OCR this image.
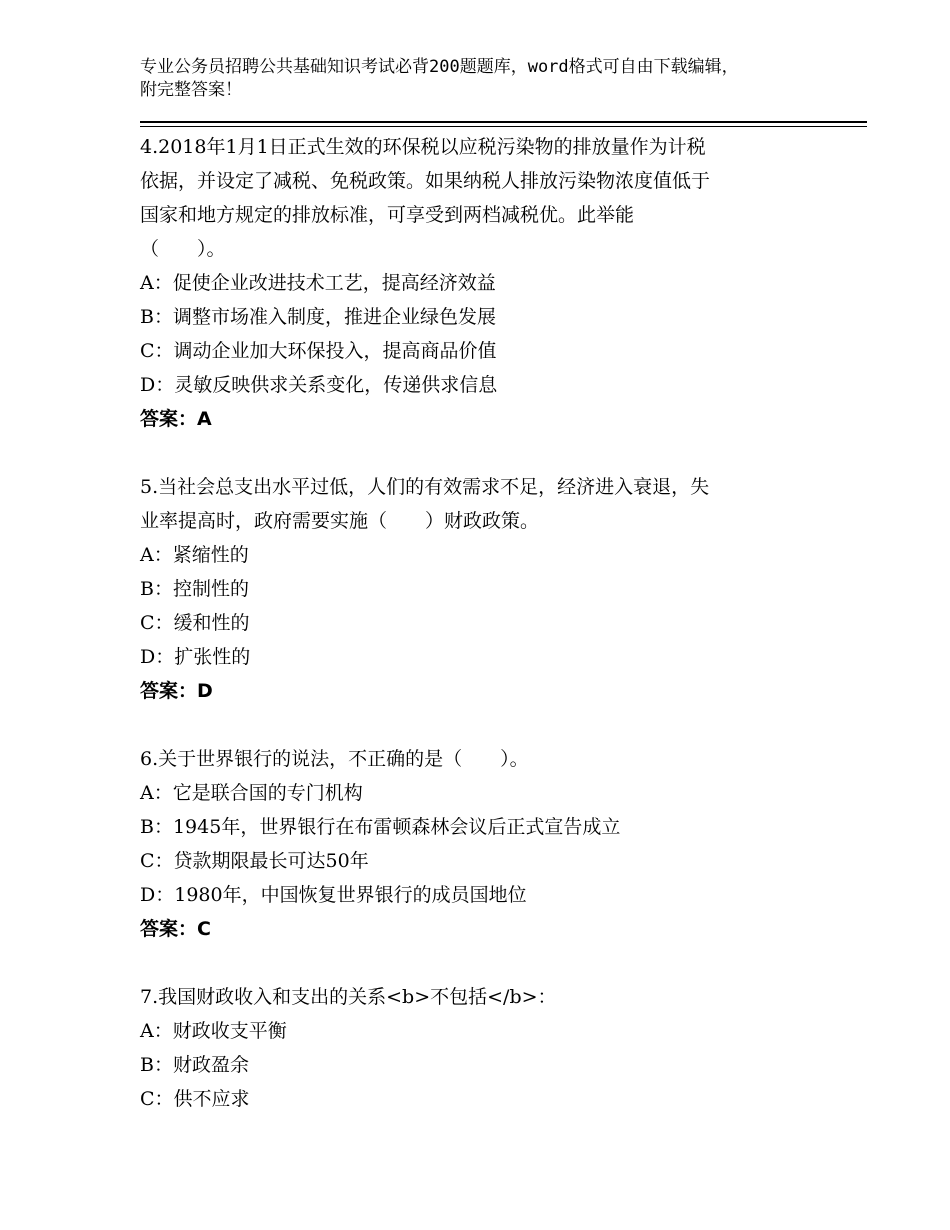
专业公务员招聘公共基础知识考试必背200题题库，word格式可自由下载编辑，
附完整答案！

4.2018年1月1日正式生效的环保税以应税污染物的排放量作为计税

依据，并设定了减税、免税政策。如果纳税人排放污染物浓度值低于

国家和地方规定的排放标准，可享受到两档减税优。此举能

（　　）。

A：促使企业改进技术工艺，提高经济效益

B：调整市场准入制度，推进企业绿色发展

C：调动企业加大环保投入，提高商品价值

D：灵敏反映供求关系变化，传递供求信息

答案：A

5.当社会总支出水平过低，人们的有效需求不足，经济进入衰退，失

业率提高时，政府需要实施（　　）财政政策。

A：紧缩性的

B：控制性的

C：缓和性的

D：扩张性的

答案：D

6.关于世界银行的说法，不正确的是（　　）。

A：它是联合国的专门机构

B：1945年，世界银行在布雷顿森林会议后正式宣告成立

C：贷款期限最长可达50年

D：1980年，中国恢复世界银行的成员国地位

答案：C

7.我国财政收入和支出的关系<b>不包括</b>：

A：财政收支平衡

B：财政盈余

C：供不应求
